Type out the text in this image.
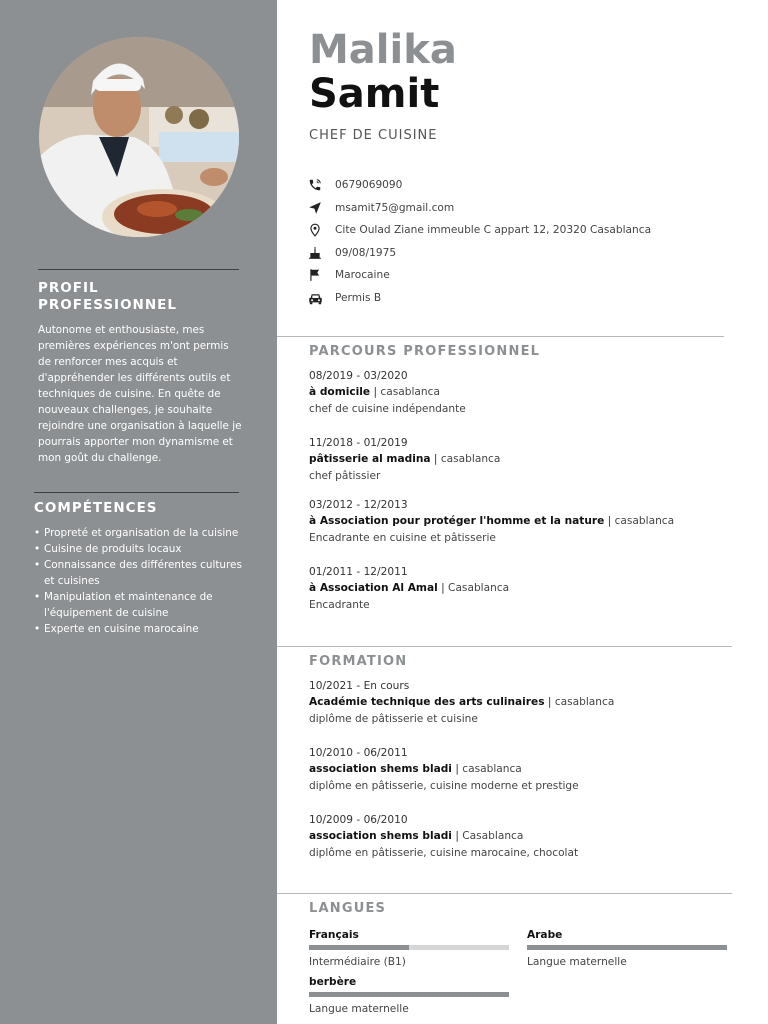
PROFIL PROFESSIONNEL

Autonome et enthousiaste, mes premières expériences m'ont permis de renforcer mes acquis et d'appréhender les différents outils et techniques de cuisine. En quête de nouveaux challenges, je souhaite rejoindre une organisation à laquelle je pourrais apporter mon dynamisme et mon goût du challenge.

COMPÉTENCES
• Propreté et organisation de la cuisine
• Cuisine de produits locaux
• Connaissance des différentes cultures et cuisines
• Manipulation et maintenance de l'équipement de cuisine
• Experte en cuisine marocaine
Malika
Samit

CHEF DE CUISINE

0679069090
msamit75@gmail.com
Cite Oulad Ziane immeuble C appart 12, 20320 Casablanca
09/08/1975
Marocaine
Permis B
PARCOURS PROFESSIONNEL
08/2019 - 03/2020
à domicile | casablanca
chef de cuisine indépendante
11/2018 - 01/2019
pâtisserie al madina | casablanca
chef pâtissier
03/2012 - 12/2013
à Association pour protéger l'homme et la nature | casablanca
Encadrante en cuisine et pâtisserie
01/2011 - 12/2011
à Association Al Amal | Casablanca
Encadrante
FORMATION
10/2021 - En cours
Académie technique des arts culinaires | casablanca
diplôme de pâtisserie et cuisine
10/2010 - 06/2011
association shems bladi | casablanca
diplôme en pâtisserie, cuisine moderne et prestige
10/2009 - 06/2010
association shems bladi | Casablanca
diplôme en pâtisserie, cuisine marocaine, chocolat
LANGUES
Français
Intermédiaire (B1)
Arabe
Langue maternelle
berbère
Langue maternelle
